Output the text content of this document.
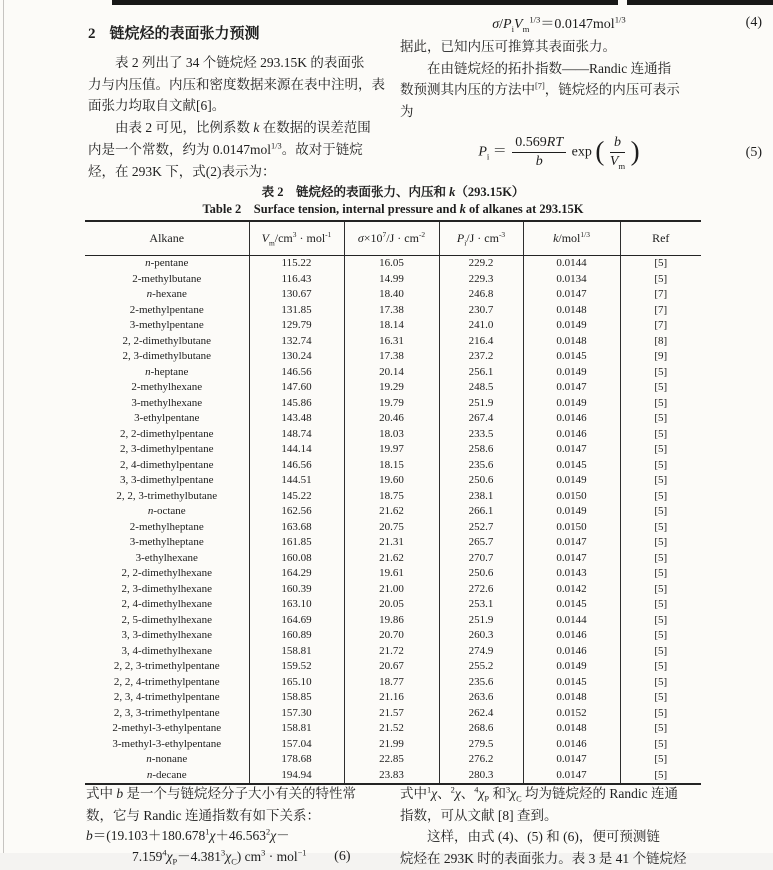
2 链烷烃的表面张力预测
表 2 列出了 34 个链烷烃 293.15K 的表面张
力与内压值。内压和密度数据来源在表中注明，表
面张力均取自文献[6]。
由表 2 可见，比例系数 k 在数据的误差范围
内是一个常数，约为 0.0147mol$^{1/3}$。故对于链烷
烃，在 293K 下，式(2)表示为：
$\sigma/P_iV_m^{1/3}=0.0147mol^{1/3}$	(4)
据此，已知内压可推算其表面张力。
在由链烷烃的拓扑指数——Randic 连通指
数预测其内压的方法中[7]，链烷烃的内压可表示
为
$P_i = \frac{0.569RT}{b}$ exp ( $\frac{b}{V_m}$ )	(5)
表 2　链烷烃的表面张力、内压和 k（293.15K）
Table 2　Surface tension, internal pressure and k of alkanes at 293.15K
Alkane	$V_m/cm^3 \cdot mol^{-1}$	$\sigma\times 10^7/J \cdot cm^{-2}$	$P_i/J \cdot cm^{-3}$	k/mol$^{1/3}$	Ref
n-pentane	115.22	16.05	229.2	0.0144	[5]
2-methylbutane	116.43	14.99	229.3	0.0134	[5]
n-hexane	130.67	18.40	246.8	0.0147	[7]
2-methylpentane	131.85	17.38	230.7	0.0148	[7]
3-methylpentane	129.79	18.14	241.0	0.0149	[7]
2, 2-dimethylbutane	132.74	16.31	216.4	0.0148	[8]
2, 3-dimethylbutane	130.24	17.38	237.2	0.0145	[9]
n-heptane	146.56	20.14	256.1	0.0149	[5]
2-methylhexane	147.60	19.29	248.5	0.0147	[5]
3-methylhexane	145.86	19.79	251.9	0.0149	[5]
3-ethylpentane	143.48	20.46	267.4	0.0146	[5]
2, 2-dimethylpentane	148.74	18.03	233.5	0.0146	[5]
2, 3-dimethylpentane	144.14	19.97	258.6	0.0147	[5]
2, 4-dimethylpentane	146.56	18.15	235.6	0.0145	[5]
3, 3-dimethylpentane	144.51	19.60	250.6	0.0149	[5]
2, 2, 3-trimethylbutane	145.22	18.75	238.1	0.0150	[5]
n-octane	162.56	21.62	266.1	0.0149	[5]
2-methylheptane	163.68	20.75	252.7	0.0150	[5]
3-methylheptane	161.85	21.31	265.7	0.0147	[5]
3-ethylhexane	160.08	21.62	270.7	0.0147	[5]
2, 2-dimethylhexane	164.29	19.61	250.6	0.0143	[5]
2, 3-dimethylhexane	160.39	21.00	272.6	0.0142	[5]
2, 4-dimethylhexane	163.10	20.05	253.1	0.0145	[5]
2, 5-dimethylhexane	164.69	19.86	251.9	0.0144	[5]
3, 3-dimethylhexane	160.89	20.70	260.3	0.0146	[5]
3, 4-dimethylhexane	158.81	21.72	274.9	0.0146	[5]
2, 2, 3-trimethylpentane	159.52	20.67	255.2	0.0149	[5]
2, 2, 4-trimethylpentane	165.10	18.77	235.6	0.0145	[5]
2, 3, 4-trimethylpentane	158.85	21.16	263.6	0.0148	[5]
2, 3, 3-trimethylpentane	157.30	21.57	262.4	0.0152	[5]
2-methyl-3-ethylpentane	158.81	21.52	268.6	0.0148	[5]
3-methyl-3-ethylpentane	157.04	21.99	279.5	0.0146	[5]
n-nonane	178.68	22.85	276.2	0.0147	[5]
n-decane	194.94	23.83	280.3	0.0147	[5]
式中 b 是一个与链烷烃分子大小有关的特性常
数，它与 Randic 连通指数有如下关系：
$b=(19.103+180.678^1\chi+46.563^2\chi-$
$7.159^4\chi_P-4.381^3\chi_C$) $cm^3 \cdot mol^{-1}$	(6)
式中$^1$χ、$^2$χ、$^4\chi_P$ 和$^3\chi_C$ 均为链烷烃的 Randic 连通
指数，可从文献 [8] 查到。
这样，由式 (4)、(5) 和 (6)，便可预测链
烷烃在 293K 时的表面张力。表 3 是 41 个链烷烃
